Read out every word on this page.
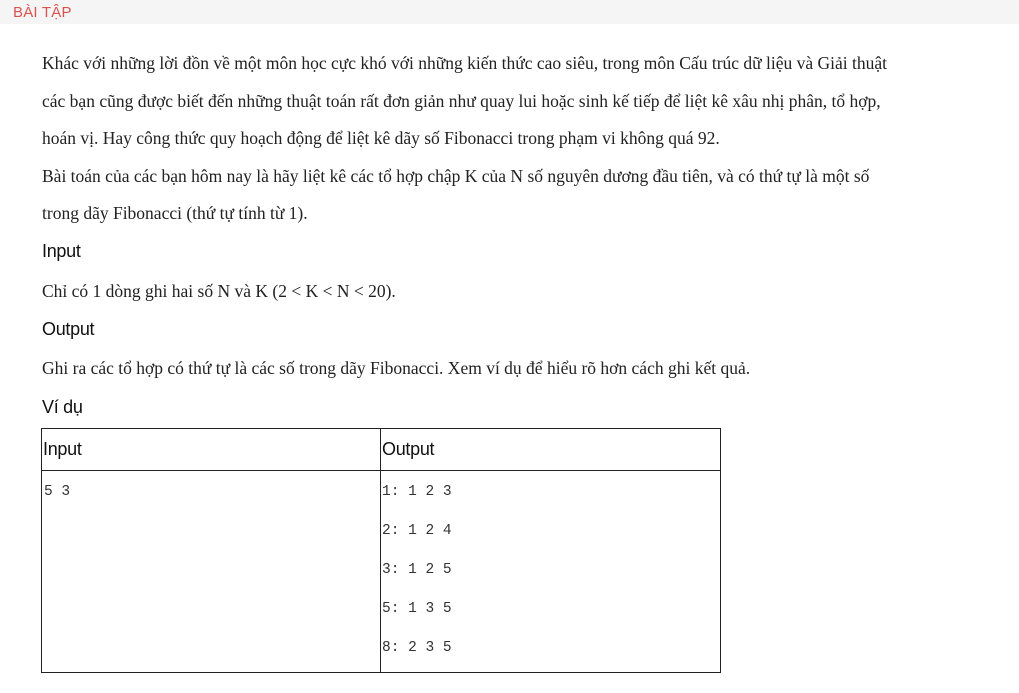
BÀI TẬP

Khác với những lời đồn về một môn học cực khó với những kiến thức cao siêu, trong môn Cấu trúc dữ liệu và Giải thuật

các bạn cũng được biết đến những thuật toán rất đơn giản như quay lui hoặc sinh kế tiếp để liệt kê xâu nhị phân, tổ hợp,

hoán vị. Hay công thức quy hoạch động để liệt kê dãy số Fibonacci trong phạm vi không quá 92.

Bài toán của các bạn hôm nay là hãy liệt kê các tổ hợp chập K của N số nguyên dương đầu tiên, và có thứ tự là một số

trong dãy Fibonacci (thứ tự tính từ 1).

Input

Chỉ có 1 dòng ghi hai số N và K (2 < K < N < 20).

Output

Ghi ra các tổ hợp có thứ tự là các số trong dãy Fibonacci. Xem ví dụ để hiểu rõ hơn cách ghi kết quả.

Ví dụ
Input	Output

5 3	1: 1 2 3
2: 1 2 4
3: 1 2 5
5: 1 3 5
8: 2 3 5
